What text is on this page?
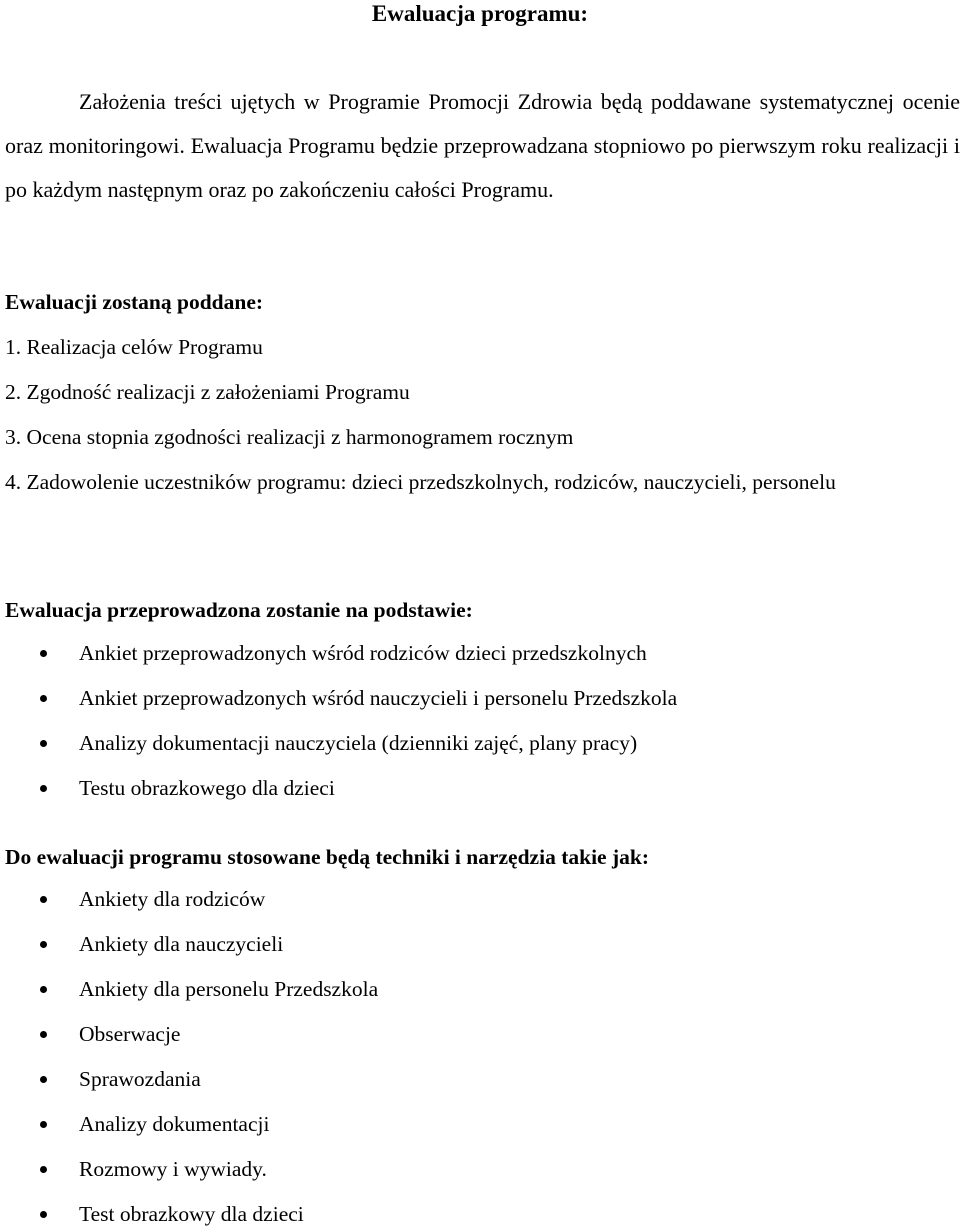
Ewaluacja programu:

Założenia treści ujętych w Programie Promocji Zdrowia będą poddawane systematycznej ocenie oraz monitoringowi. Ewaluacja Programu będzie przeprowadzana stopniowo po pierwszym roku realizacji i po każdym następnym oraz po zakończeniu całości Programu.

Ewaluacji zostaną poddane:

1. Realizacja celów Programu

2. Zgodność realizacji z założeniami Programu

3. Ocena stopnia zgodności realizacji z harmonogramem rocznym

4. Zadowolenie uczestników programu: dzieci przedszkolnych, rodziców, nauczycieli, personelu

Ewaluacja przeprowadzona zostanie na podstawie:

Ankiet przeprowadzonych wśród rodziców dzieci przedszkolnych
Ankiet przeprowadzonych wśród nauczycieli i personelu Przedszkola
Analizy dokumentacji nauczyciela (dzienniki zajęć, plany pracy)
Testu obrazkowego dla dzieci

Do ewaluacji programu stosowane będą techniki i narzędzia takie jak:

Ankiety dla rodziców
Ankiety dla nauczycieli
Ankiety dla personelu Przedszkola
Obserwacje
Sprawozdania
Analizy dokumentacji
Rozmowy i wywiady.
Test obrazkowy dla dzieci
